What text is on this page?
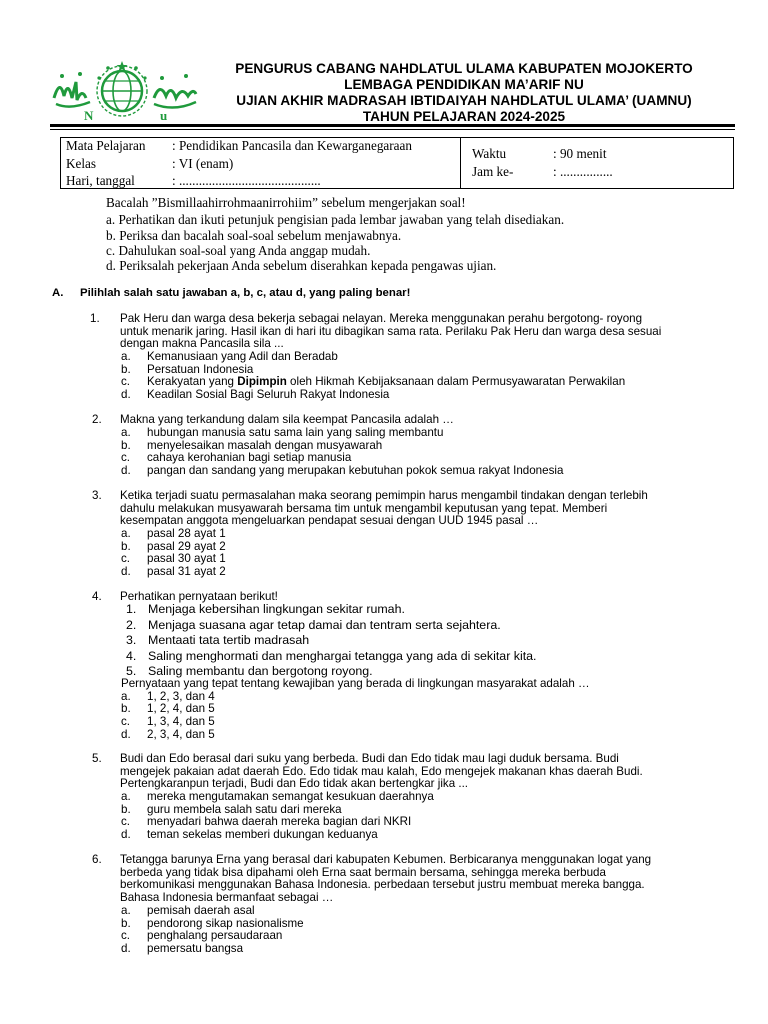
N	u
PENGURUS CABANG NAHDLATUL ULAMA KABUPATEN MOJOKERTO
LEMBAGA PENDIDIKAN MA’ARIF NU
UJIAN AKHIR MADRASAH IBTIDAIYAH NAHDLATUL ULAMA’ (UAMNU)
TAHUN PELAJARAN 2024-2025
Mata Pelajaran : Pendidikan Pancasila dan Kewarganegaraan
Kelas	: VI (enam)
Hari, tanggal	: ...........................................
Waktu	: 90 menit
Jam ke-	: ................
Bacalah ”Bismillaahirrohmaanirrohiim” sebelum mengerjakan soal!
a. Perhatikan dan ikuti petunjuk pengisian pada lembar jawaban yang telah disediakan.
b. Periksa dan bacalah soal-soal sebelum menjawabnya.
c. Dahulukan soal-soal yang Anda anggap mudah.
d. Periksalah pekerjaan Anda sebelum diserahkan kepada pengawas ujian.
A. Pilihlah salah satu jawaban a, b, c, atau d, yang paling benar!
1. Pak Heru dan warga desa bekerja sebagai nelayan. Mereka menggunakan perahu bergotong- royong
untuk menarik jaring. Hasil ikan di hari itu dibagikan sama rata. Perilaku Pak Heru dan warga desa sesuai
dengan makna Pancasila sila ...
a. Kemanusiaan yang Adil dan Beradab
b. Persatuan Indonesia
c. Kerakyatan yang Dipimpin oleh Hikmah Kebijaksanaan dalam Permusyawaratan Perwakilan
d. Keadilan Sosial Bagi Seluruh Rakyat Indonesia
2. Makna yang terkandung dalam sila keempat Pancasila adalah …
a. hubungan manusia satu sama lain yang saling membantu
b. menyelesaikan masalah dengan musyawarah
c. cahaya kerohanian bagi setiap manusia
d. pangan dan sandang yang merupakan kebutuhan pokok semua rakyat Indonesia
3. Ketika terjadi suatu permasalahan maka seorang pemimpin harus mengambil tindakan dengan terlebih
dahulu melakukan musyawarah bersama tim untuk mengambil keputusan yang tepat. Memberi
kesempatan anggota mengeluarkan pendapat sesuai dengan UUD 1945 pasal …
a. pasal 28 ayat 1
b. pasal 29 ayat 2
c. pasal 30 ayat 1
d. pasal 31 ayat 2
4. Perhatikan pernyataan berikut!
1. Menjaga kebersihan lingkungan sekitar rumah.
2. Menjaga suasana agar tetap damai dan tentram serta sejahtera.
3. Mentaati tata tertib madrasah
4. Saling menghormati dan menghargai tetangga yang ada di sekitar kita.
5. Saling membantu dan bergotong royong.
Pernyataan yang tepat tentang kewajiban yang berada di lingkungan masyarakat adalah …
a. 1, 2, 3, dan 4
b. 1, 2, 4, dan 5
c. 1, 3, 4, dan 5
d. 2, 3, 4, dan 5
5. Budi dan Edo berasal dari suku yang berbeda. Budi dan Edo tidak mau lagi duduk bersama. Budi
mengejek pakaian adat daerah Edo. Edo tidak mau kalah, Edo mengejek makanan khas daerah Budi.
Pertengkaranpun terjadi, Budi dan Edo tidak akan bertengkar jika ...
a. mereka mengutamakan semangat kesukuan daerahnya
b. guru membela salah satu dari mereka
c. menyadari bahwa daerah mereka bagian dari NKRI
d. teman sekelas memberi dukungan keduanya
6. Tetangga barunya Erna yang berasal dari kabupaten Kebumen. Berbicaranya menggunakan logat yang
berbeda yang tidak bisa dipahami oleh Erna saat bermain bersama, sehingga mereka berbuda
berkomunikasi menggunakan Bahasa Indonesia. perbedaan tersebut justru membuat mereka bangga.
Bahasa Indonesia bermanfaat sebagai …
a. pemisah daerah asal
b. pendorong sikap nasionalisme
c. penghalang persaudaraan
d. pemersatu bangsa
